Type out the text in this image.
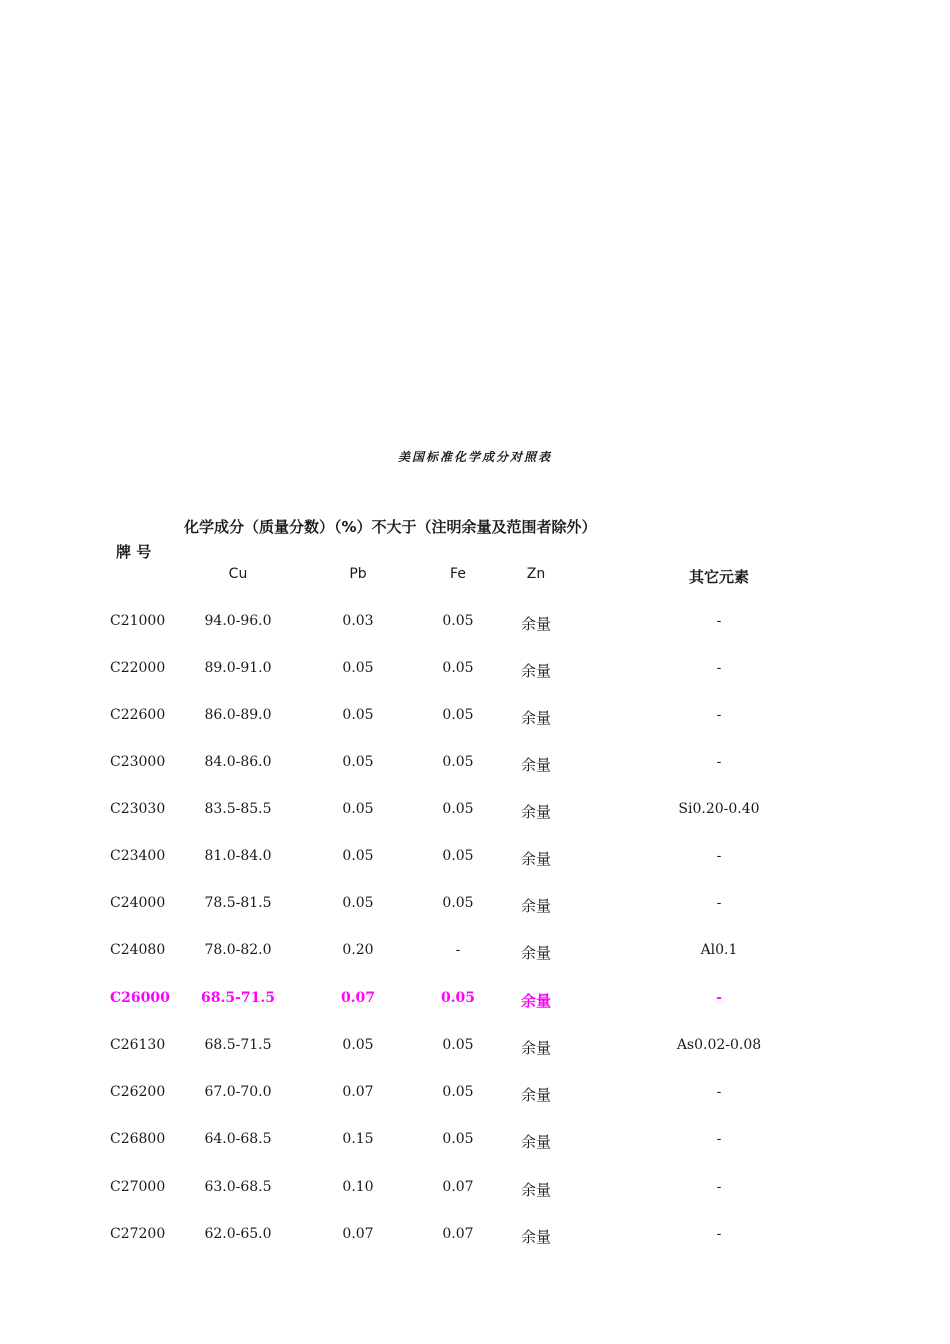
美国标准化学成分对照表
化学成分（质量分数）（%）不大于（注明余量及范围者除外）
牌 号
Cu	Pb	Fe	Zn	其它元素
C21000	94.0-96.0	0.03	0.05	余量	-
C22000	89.0-91.0	0.05	0.05	余量	-
C22600	86.0-89.0	0.05	0.05	余量	-
C23000	84.0-86.0	0.05	0.05	余量	-
C23030	83.5-85.5	0.05	0.05	余量	Si0.20-0.40
C23400	81.0-84.0	0.05	0.05	余量	-
C24000	78.5-81.5	0.05	0.05	余量	-
C24080	78.0-82.0	0.20	-	余量	Al0.1
C26000	68.5-71.5	0.07	0.05	余量	-
C26130	68.5-71.5	0.05	0.05	余量	As0.02-0.08
C26200	67.0-70.0	0.07	0.05	余量	-
C26800	64.0-68.5	0.15	0.05	余量	-
C27000	63.0-68.5	0.10	0.07	余量	-
C27200	62.0-65.0	0.07	0.07	余量	-
